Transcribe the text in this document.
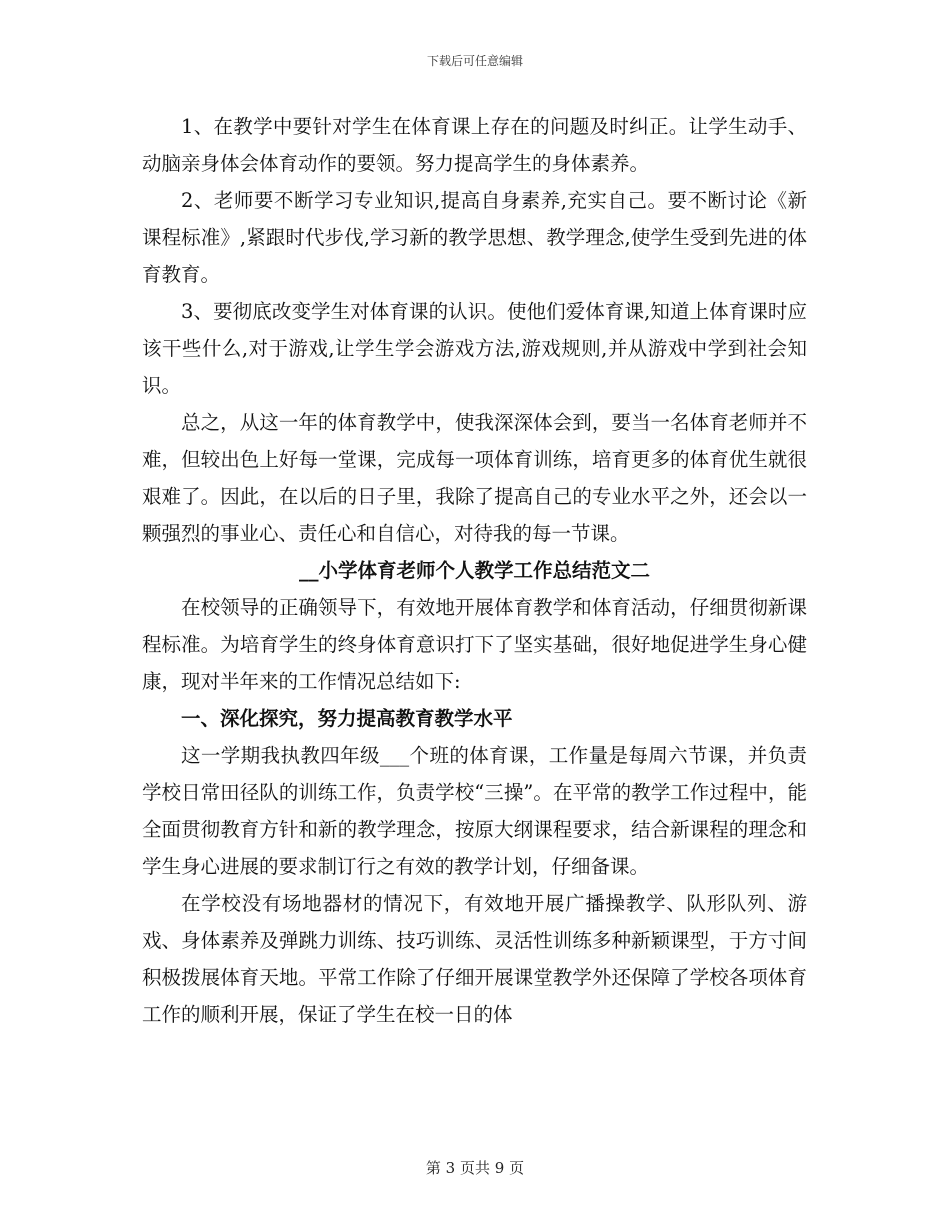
下载后可任意编辑

1、在教学中要针对学生在体育课上存在的问题及时纠正。让学生动手、动脑亲身体会体育动作的要领。努力提高学生的身体素养。

2、老师要不断学习专业知识,提高自身素养,充实自己。要不断讨论《新课程标准》,紧跟时代步伐,学习新的教学思想、教学理念,使学生受到先进的体育教育。

3、要彻底改变学生对体育课的认识。使他们爱体育课,知道上体育课时应该干些什么,对于游戏,让学生学会游戏方法,游戏规则,并从游戏中学到社会知识。

总之，从这一年的体育教学中，使我深深体会到，要当一名体育老师并不难，但较出色上好每一堂课，完成每一项体育训练，培育更多的体育优生就很艰难了。因此，在以后的日子里，我除了提高自己的专业水平之外，还会以一颗强烈的事业心、责任心和自信心，对待我的每一节课。

__小学体育老师个人教学工作总结范文二

在校领导的正确领导下，有效地开展体育教学和体育活动，仔细贯彻新课程标准。为培育学生的终身体育意识打下了坚实基础，很好地促进学生身心健康，现对半年来的工作情况总结如下:

一、深化探究，努力提高教育教学水平

这一学期我执教四年级___个班的体育课，工作量是每周六节课，并负责学校日常田径队的训练工作，负责学校“三操”。在平常的教学工作过程中，能全面贯彻教育方针和新的教学理念，按原大纲课程要求，结合新课程的理念和学生身心进展的要求制订行之有效的教学计划，仔细备课。

在学校没有场地器材的情况下，有效地开展广播操教学、队形队列、游戏、身体素养及弹跳力训练、技巧训练、灵活性训练多种新颖课型，于方寸间积极拨展体育天地。平常工作除了仔细开展课堂教学外还保障了学校各项体育工作的顺利开展，保证了学生在校一日的体

第 3 页共 9 页
